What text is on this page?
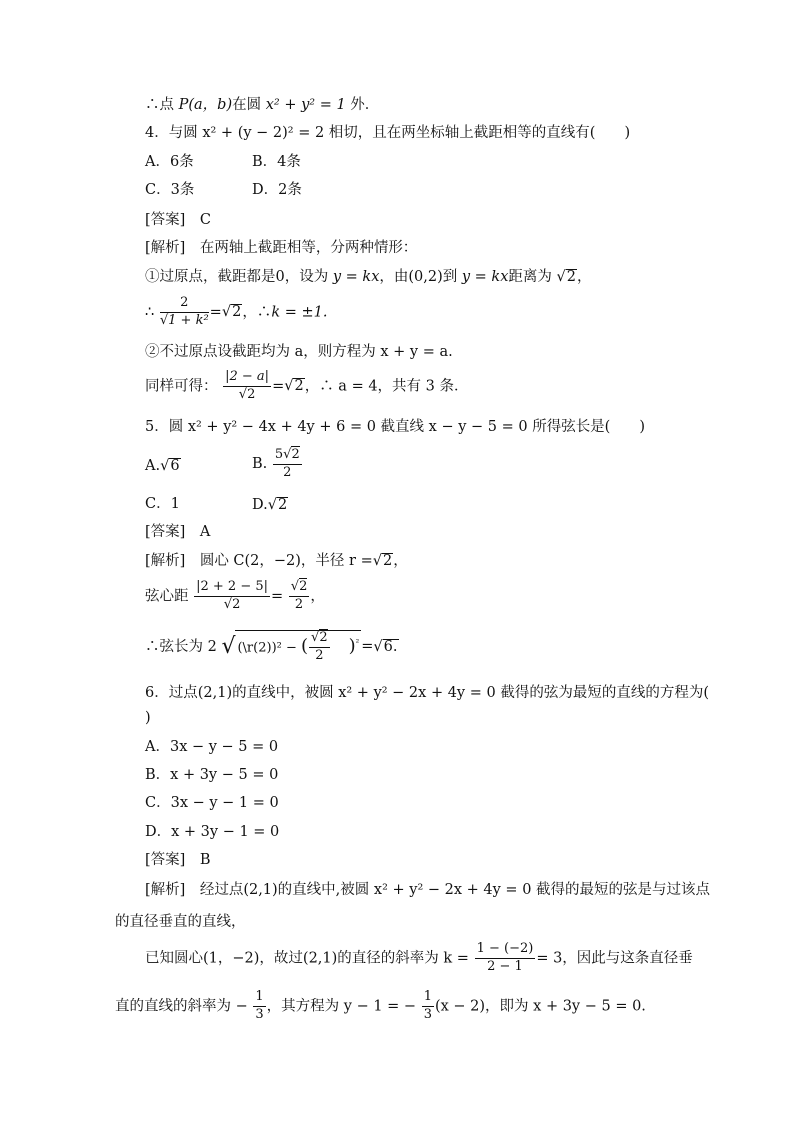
∴点 P(a，b)在圆 x² + y² = 1 外．
4．与圆 x² + (y − 2)² = 2 相切，且在两坐标轴上截距相等的直线有(　　)
A．6条	B．4条
C．3条	D．2条
[答案]　C
[解析]　在两轴上截距相等，分两种情形：
①过原点，截距都是0，设为 y = kx，由(0,2)到 y = kx距离为 √2，
∴ $\frac{2}{\text{√1 + k²}} =√2$，∴k = ±1.
②不过原点设截距均为 a，则方程为 x + y = a.
同样可得： $\frac{|2 - a|}{√2} =√2$，∴ a = 4，共有 3 条．
5．圆 x² + y² − 4x + 4y + 6 = 0 截直线 x − y − 5 = 0 所得弦长是(　　)
A.√6	B. $\frac{5√2}{2}$
C．1	D.√2
[答案]　A
[解析]　圆心 C(2，−2)，半径 r =√2，
弦心距 $\frac{|2 + 2 - 5|}{√2} = \frac{√2}{2}$ ，
∴弦长为 2 √ (\r(2))² − ( $\frac{√2}{2}$ 　)$^{^2}$ =√6.
6．过点(2,1)的直线中，被圆 x² + y² − 2x + 4y = 0 截得的弦为最短的直线的方程为(
)
A．3x − y − 5 = 0
B．x + 3y − 5 = 0
C．3x − y − 1 = 0
D．x + 3y − 1 = 0
[答案]　B
[解析]　经过点(2,1)的直线中,被圆 x² + y² − 2x + 4y = 0 截得的最短的弦是与过该点
的直径垂直的直线，
已知圆心(1，−2)，故过(2,1)的直径的斜率为 $k = \frac{1 - (-2)}{2 - 1} = 3$，因此与这条直径垂
直的直线的斜率为 − $\frac{1}{3}$ ，其方程为 y − 1 = − $\frac{1}{3} (x - 2)$，即为 x + 3y − 5 = 0.
